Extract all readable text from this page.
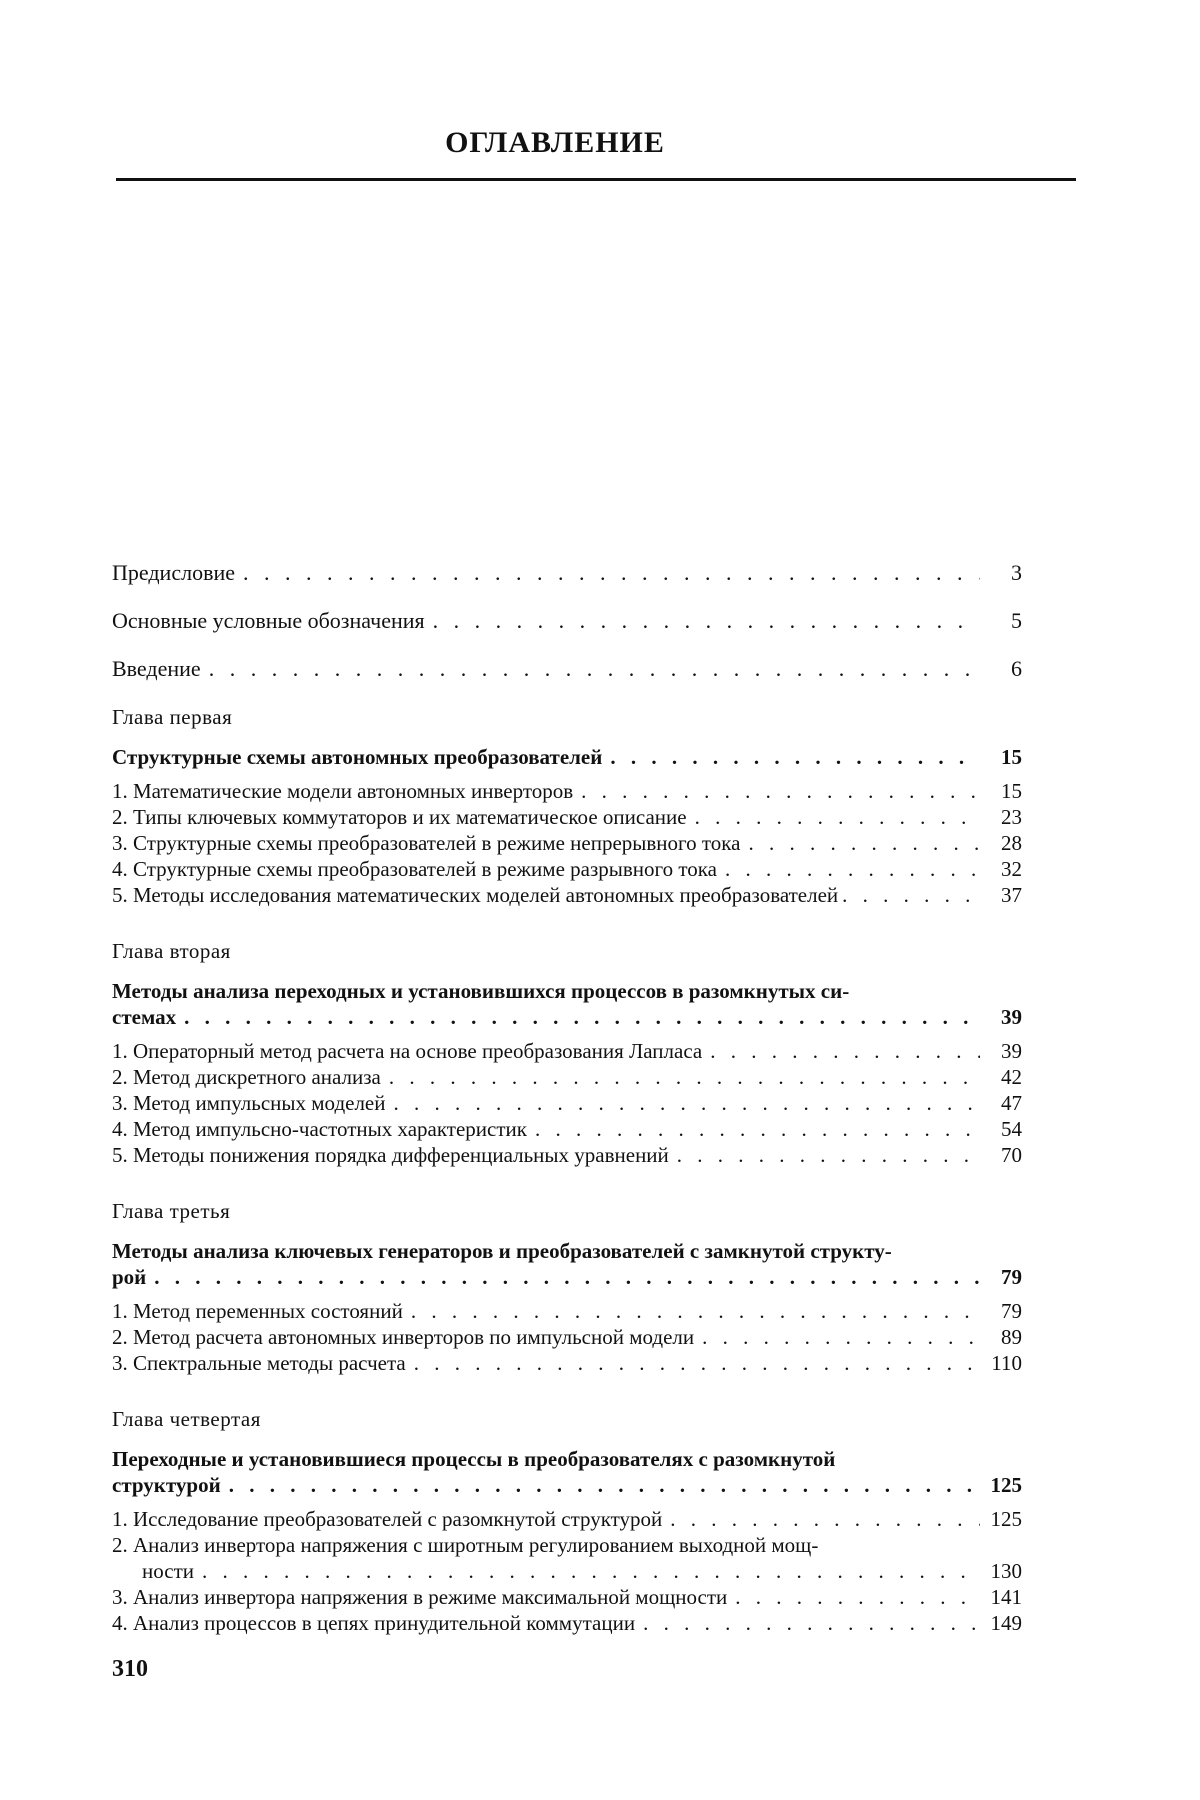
ОГЛАВЛЕНИЕ
Предисловие . . .	3
Основные условные обозначения . . .	5
Введение . . .	6
Глава первая
Структурные схемы автономных преобразователей . . .	15
1. Математические модели автономных инверторов . . .	15
2. Типы ключевых коммутаторов и их математическое описание . . .	23
3. Структурные схемы преобразователей в режиме непрерывного тока . . .	28
4. Структурные схемы преобразователей в режиме разрывного тока . . .	32
5. Методы исследования математических моделей автономных преобразователей . . .	37
Глава вторая
Методы анализа переходных и установившихся процессов в разомкнутых си-
стемах . . .	39
1. Операторный метод расчета на основе преобразования Лапласа . . .	39
2. Метод дискретного анализа . . .	42
3. Метод импульсных моделей . . .	47
4. Метод импульсно-частотных характеристик . . .	54
5. Методы понижения порядка дифференциальных уравнений . . .	70
Глава третья
Методы анализа ключевых генераторов и преобразователей с замкнутой структу-
рой . . .	79
1. Метод переменных состояний . . .	79
2. Метод расчета автономных инверторов по импульсной модели . . .	89
3. Спектральные методы расчета . . .	110
Глава четвертая
Переходные и установившиеся процессы в преобразователях с разомкнутой
структурой . . .	125
1. Исследование преобразователей с разомкнутой структурой . . .	125
2. Анализ инвертора напряжения с широтным регулированием выходной мощ-
ности . . .	130
3. Анализ инвертора напряжения в режиме максимальной мощности . . .	141
4. Анализ процессов в цепях принудительной коммутации . . .	149
310
